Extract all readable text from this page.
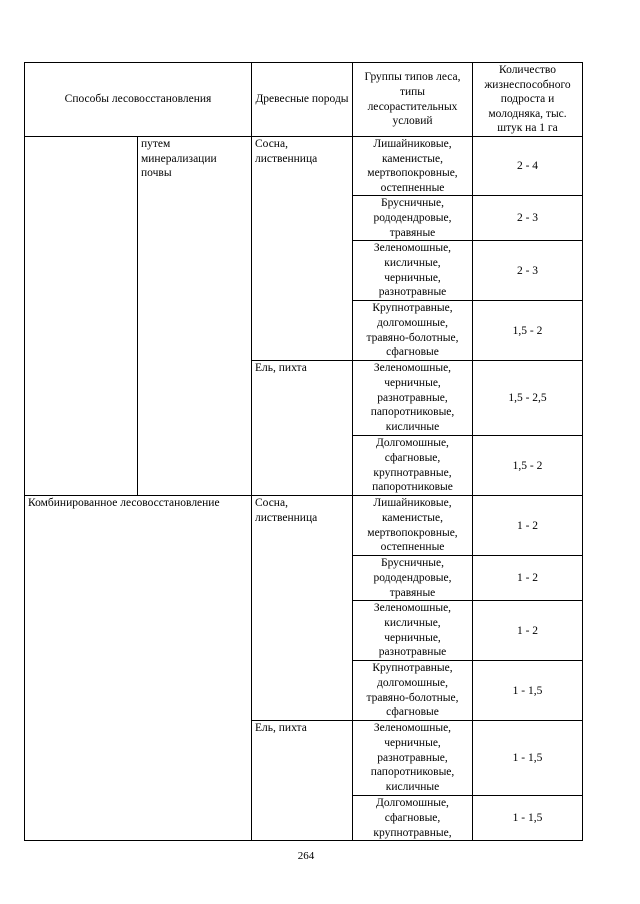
Способы лесовосстановления		Древесные породы	Группы типов леса, типы лесорастительных условий	Количество жизнеспособного подроста и молодняка, тыс. штук на 1 га
	путем минерализации почвы	Сосна, лиственница	Лишайниковые, каменистые, мертвопокровные, остепненные	2 - 4
			Брусничные, рододендровые, травяные	2 - 3
			Зеленомошные, кисличные, черничные, разнотравные	2 - 3
			Крупнотравные, долгомошные, травяно-болотные, сфагновые	1,5 - 2
		Ель, пихта	Зеленомошные, черничные, разнотравные, папоротниковые, кисличные	1,5 - 2,5
			Долгомошные, сфагновые, крупнотравные, папоротниковые	1,5 - 2
Комбинированное лесовосстановление		Сосна, лиственница	Лишайниковые, каменистые, мертвопокровные, остепненные	1 - 2
			Брусничные, рододендровые, травяные	1 - 2
			Зеленомошные, кисличные, черничные, разнотравные	1 - 2
			Крупнотравные, долгомошные, травяно-болотные, сфагновые	1 - 1,5
		Ель, пихта	Зеленомошные, черничные, разнотравные, папоротниковые, кисличные	1 - 1,5
			Долгомошные, сфагновые, крупнотравные,	1 - 1,5
264
